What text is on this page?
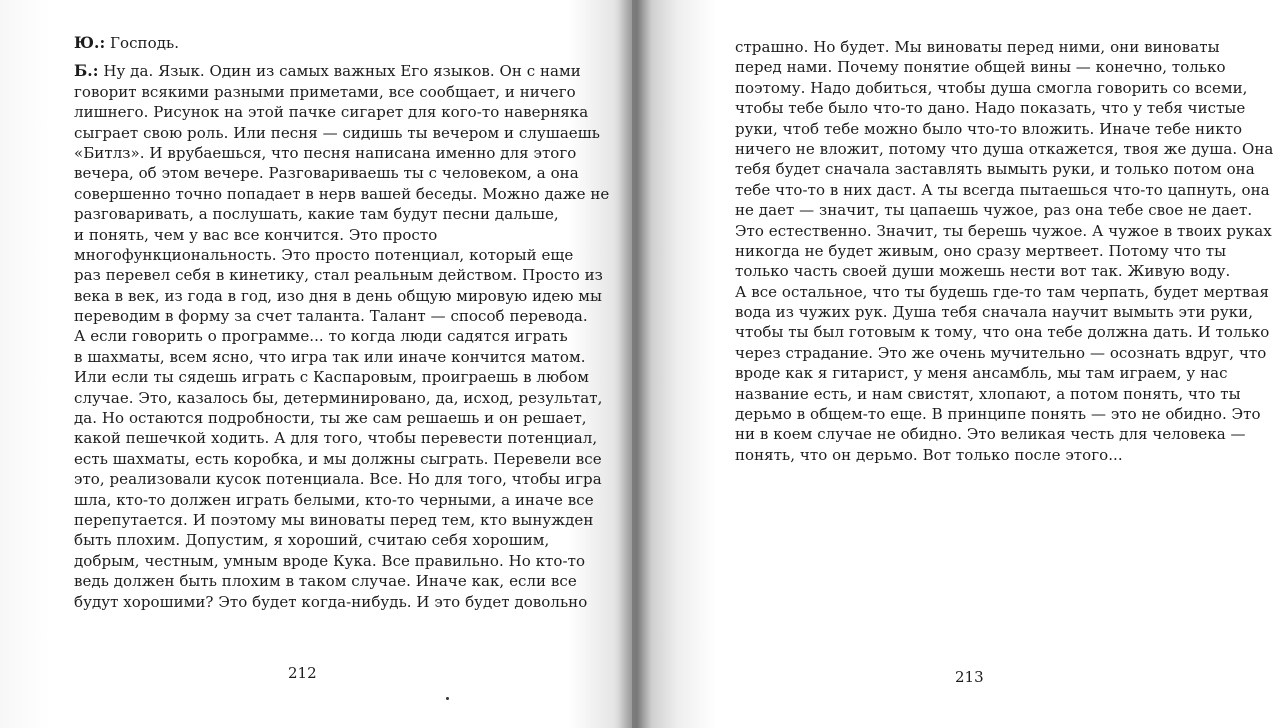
Ю.: Господь.
Б.: Ну да. Язык. Один из самых важных Его языков. Он с нами
говорит всякими разными приметами, все сообщает, и ничего
лишнего. Рисунок на этой пачке сигарет для кого-то наверняка
сыграет свою роль. Или песня — сидишь ты вечером и слушаешь
«Битлз». И врубаешься, что песня написана именно для этого
вечера, об этом вечере. Разговариваешь ты с человеком, а она
совершенно точно попадает в нерв вашей беседы. Можно даже не
разговаривать, а послушать, какие там будут песни дальше,
и понять, чем у вас все кончится. Это просто
многофункциональность. Это просто потенциал, который еще
раз перевел себя в кинетику, стал реальным действом. Просто из
века в век, из года в год, изо дня в день общую мировую идею мы
переводим в форму за счет таланта. Талант — способ перевода.
А если говорить о программе... то когда люди садятся играть
в шахматы, всем ясно, что игра так или иначе кончится матом.
Или если ты сядешь играть с Каспаровым, проиграешь в любом
случае. Это, казалось бы, детерминировано, да, исход, результат,
да. Но остаются подробности, ты же сам решаешь и он решает,
какой пешечкой ходить. А для того, чтобы перевести потенциал,
есть шахматы, есть коробка, и мы должны сыграть. Перевели все
это, реализовали кусок потенциала. Все. Но для того, чтобы игра
шла, кто-то должен играть белыми, кто-то черными, а иначе все
перепутается. И поэтому мы виноваты перед тем, кто вынужден
быть плохим. Допустим, я хороший, считаю себя хорошим,
добрым, честным, умным вроде Кука. Все правильно. Но кто-то
ведь должен быть плохим в таком случае. Иначе как, если все
будут хорошими? Это будет когда-нибудь. И это будет довольно
212
страшно. Но будет. Мы виноваты перед ними, они виноваты
перед нами. Почему понятие общей вины — конечно, только
поэтому. Надо добиться, чтобы душа смогла говорить со всеми,
чтобы тебе было что-то дано. Надо показать, что у тебя чистые
руки, чтоб тебе можно было что-то вложить. Иначе тебе никто
ничего не вложит, потому что душа откажется, твоя же душа. Она
тебя будет сначала заставлять вымыть руки, и только потом она
тебе что-то в них даст. А ты всегда пытаешься что-то цапнуть, она
не дает — значит, ты цапаешь чужое, раз она тебе свое не дает.
Это естественно. Значит, ты берешь чужое. А чужое в твоих руках
никогда не будет живым, оно сразу мертвеет. Потому что ты
только часть своей души можешь нести вот так. Живую воду.
А все остальное, что ты будешь где-то там черпать, будет мертвая
вода из чужих рук. Душа тебя сначала научит вымыть эти руки,
чтобы ты был готовым к тому, что она тебе должна дать. И только
через страдание. Это же очень мучительно — осознать вдруг, что
вроде как я гитарист, у меня ансамбль, мы там играем, у нас
название есть, и нам свистят, хлопают, а потом понять, что ты
дерьмо в общем-то еще. В принципе понять — это не обидно. Это
ни в коем случае не обидно. Это великая честь для человека —
понять, что он дерьмо. Вот только после этого...
213
